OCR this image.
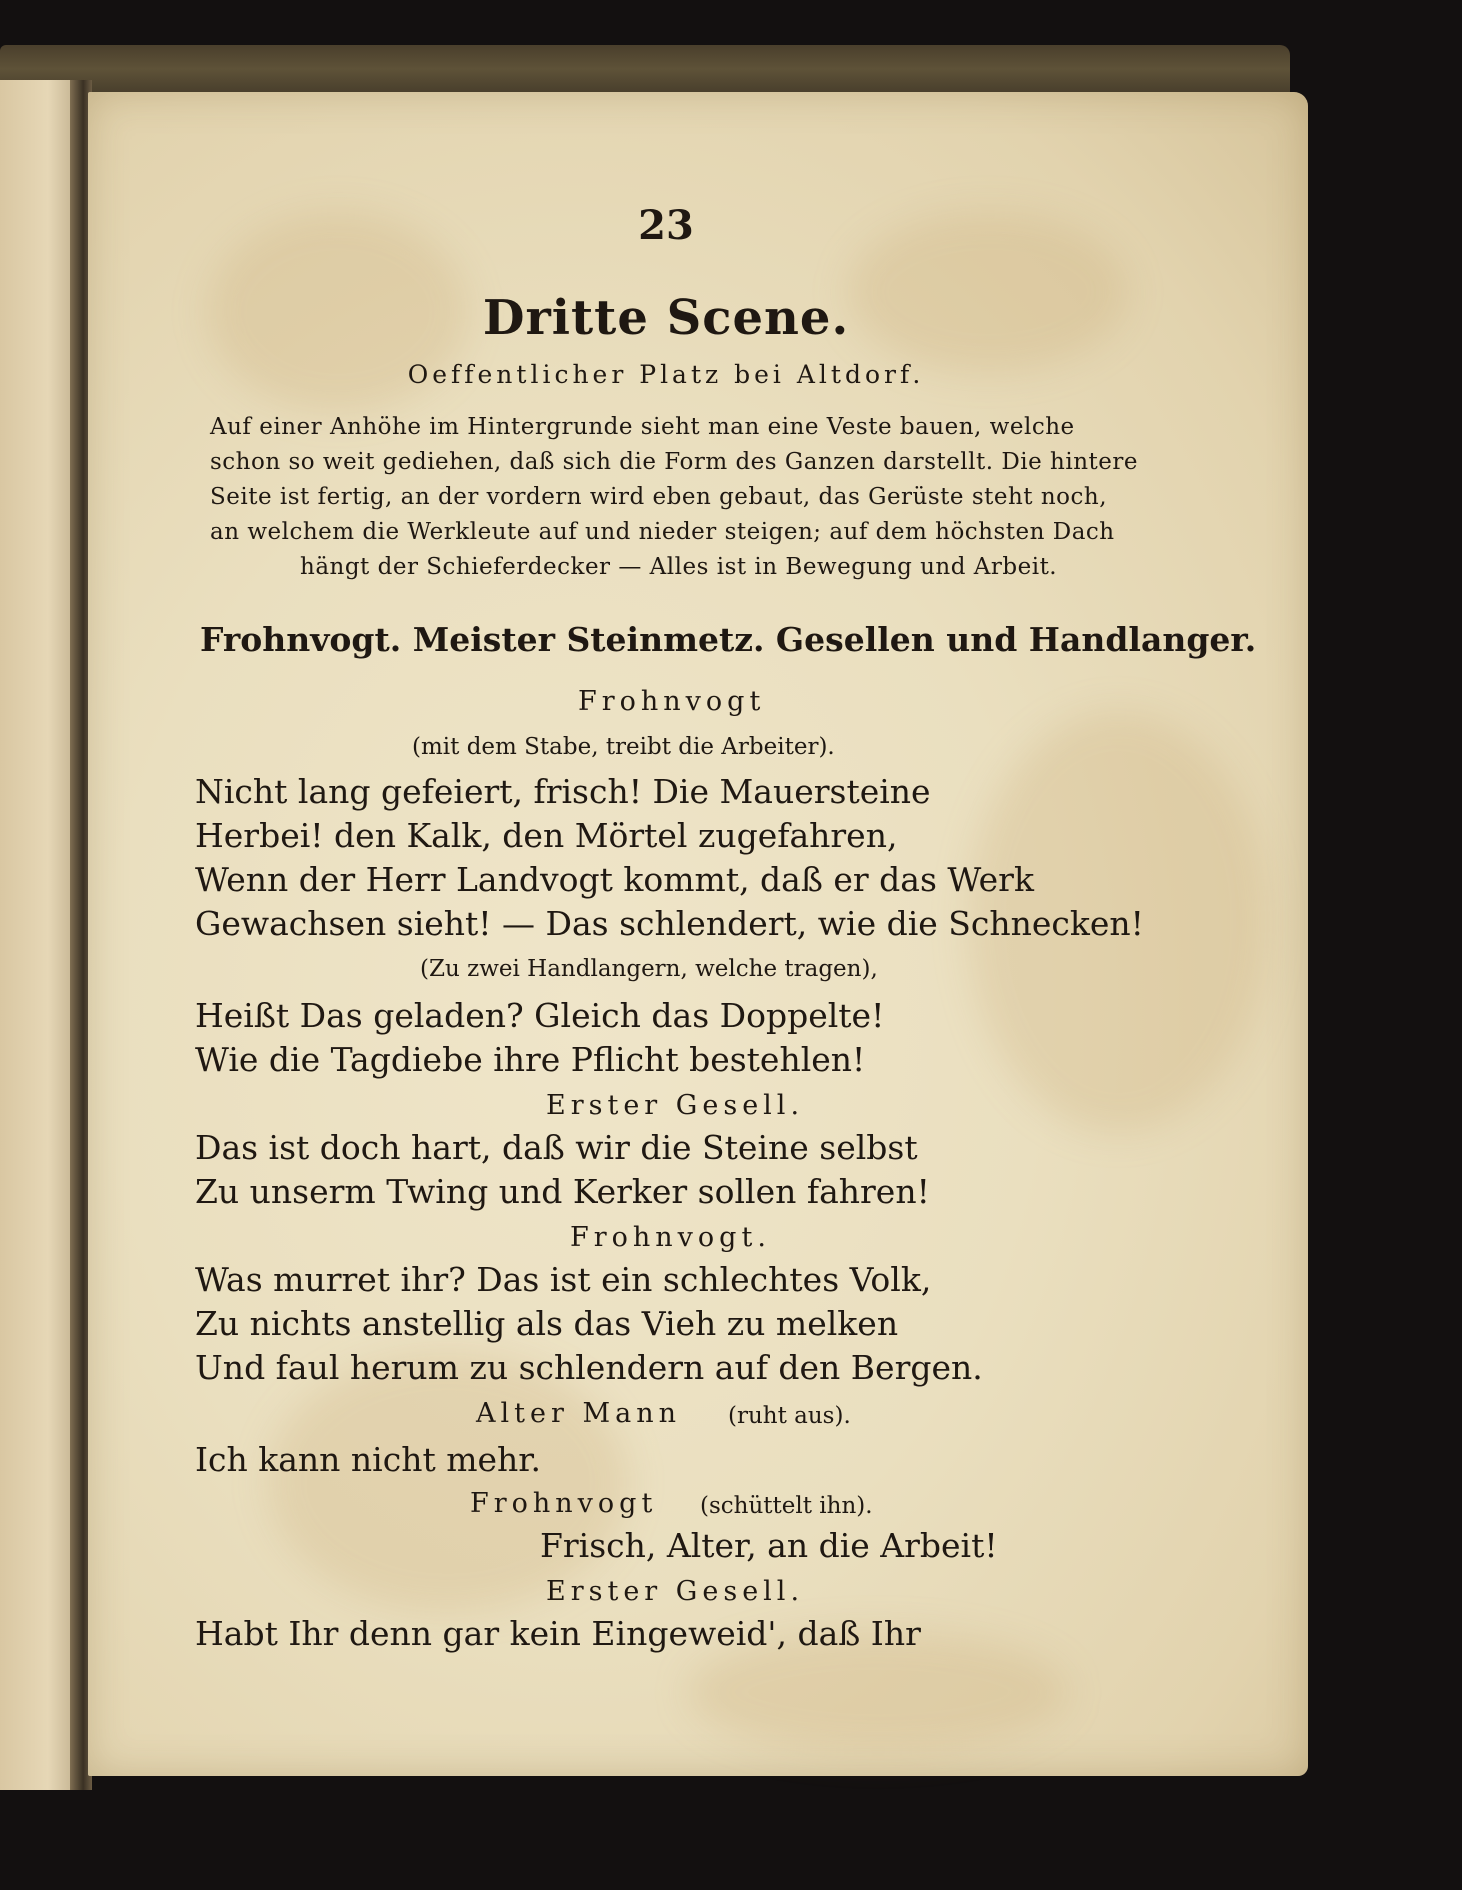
23

Dritte Scene.

Oeffentlicher Platz bei Altdorf.

Auf einer Anhöhe im Hintergrunde sieht man eine Veste bauen, welche

schon so weit gediehen, daß sich die Form des Ganzen darstellt. Die hintere

Seite ist fertig, an der vordern wird eben gebaut, das Gerüste steht noch,

an welchem die Werkleute auf und nieder steigen; auf dem höchsten Dach

hängt der Schieferdecker — Alles ist in Bewegung und Arbeit.

Frohnvogt. Meister Steinmetz. Gesellen und Handlanger.

Frohnvogt

(mit dem Stabe, treibt die Arbeiter).

Nicht lang gefeiert, frisch! Die Mauersteine

Herbei! den Kalk, den Mörtel zugefahren,

Wenn der Herr Landvogt kommt, daß er das Werk

Gewachsen sieht! — Das schlendert, wie die Schnecken!

(Zu zwei Handlangern, welche tragen),

Heißt Das geladen? Gleich das Doppelte!

Wie die Tagdiebe ihre Pflicht bestehlen!

Erster Gesell.

Das ist doch hart, daß wir die Steine selbst

Zu unserm Twing und Kerker sollen fahren!

Frohnvogt.

Was murret ihr? Das ist ein schlechtes Volk,

Zu nichts anstellig als das Vieh zu melken

Und faul herum zu schlendern auf den Bergen.

Alter Mann (ruht aus).

Ich kann nicht mehr.

Frohnvogt (schüttelt ihn).

Frisch, Alter, an die Arbeit!

Erster Gesell.

Habt Ihr denn gar kein Eingeweid', daß Ihr
